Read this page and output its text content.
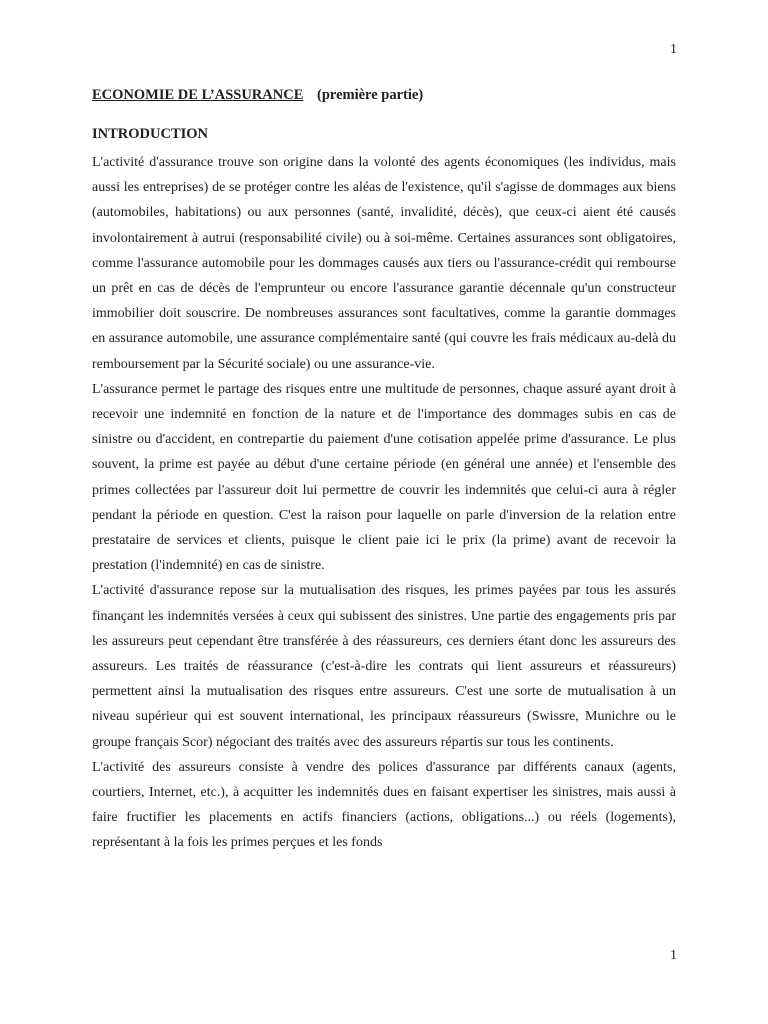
1

ECONOMIE DE L’ASSURANCE (première partie)

INTRODUCTION

L'activité d'assurance trouve son origine dans la volonté des agents économiques (les individus, mais aussi les entreprises) de se protéger contre les aléas de l'existence, qu'il s'agisse de dommages aux biens (automobiles, habitations) ou aux personnes (santé, invalidité, décès), que ceux-ci aient été causés involontairement à autrui (responsabilité civile) ou à soi-même. Certaines assurances sont obligatoires, comme l'assurance automobile pour les dommages causés aux tiers ou l'assurance-crédit qui rembourse un prêt en cas de décès de l'emprunteur ou encore l'assurance garantie décennale qu'un constructeur immobilier doit souscrire. De nombreuses assurances sont facultatives, comme la garantie dommages en assurance automobile, une assurance complémentaire santé (qui couvre les frais médicaux au-delà du remboursement par la Sécurité sociale) ou une assurance-vie.

L'assurance permet le partage des risques entre une multitude de personnes, chaque assuré ayant droit à recevoir une indemnité en fonction de la nature et de l'importance des dommages subis en cas de sinistre ou d'accident, en contrepartie du paiement d'une cotisation appelée prime d'assurance. Le plus souvent, la prime est payée au début d'une certaine période (en général une année) et l'ensemble des primes collectées par l'assureur doit lui permettre de couvrir les indemnités que celui-ci aura à régler pendant la période en question. C'est la raison pour laquelle on parle d'inversion de la relation entre prestataire de services et clients, puisque le client paie ici le prix (la prime) avant de recevoir la prestation (l'indemnité) en cas de sinistre.

L'activité d'assurance repose sur la mutualisation des risques, les primes payées par tous les assurés finançant les indemnités versées à ceux qui subissent des sinistres. Une partie des engagements pris par les assureurs peut cependant être transférée à des réassureurs, ces derniers étant donc les assureurs des assureurs. Les traités de réassurance (c'est-à-dire les contrats qui lient assureurs et réassureurs) permettent ainsi la mutualisation des risques entre assureurs. C'est une sorte de mutualisation à un niveau supérieur qui est souvent international, les principaux réassureurs (Swissre, Munichre ou le groupe français Scor) négociant des traités avec des assureurs répartis sur tous les continents.

L'activité des assureurs consiste à vendre des polices d'assurance par différents canaux (agents, courtiers, Internet, etc.), à acquitter les indemnités dues en faisant expertiser les sinistres, mais aussi à faire fructifier les placements en actifs financiers (actions, obligations...) ou réels (logements), représentant à la fois les primes perçues et les fonds

1
